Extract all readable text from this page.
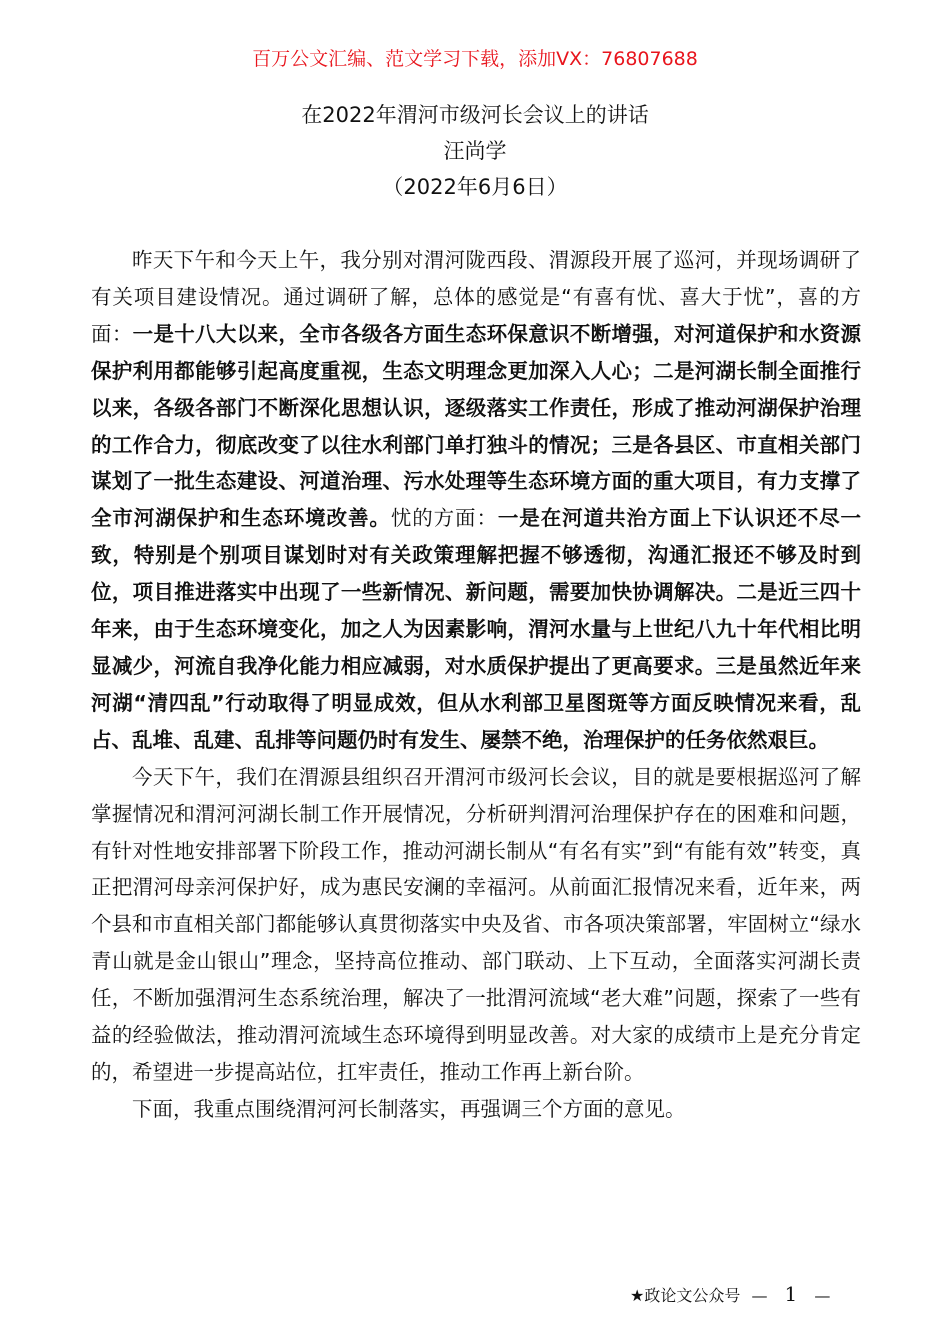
百万公文汇编、范文学习下载，添加VX：76807688
在2022年渭河市级河长会议上的讲话
汪尚学
（2022年6月6日）

昨天下午和今天上午，我分别对渭河陇西段、渭源段开展了巡河，并现场调研了有关项目建设情况。通过调研了解，总体的感觉是“有喜有忧、喜大于忧”，喜的方面：一是十八大以来，全市各级各方面生态环保意识不断增强，对河道保护和水资源保护利用都能够引起高度重视，生态文明理念更加深入人心；二是河湖长制全面推行以来，各级各部门不断深化思想认识，逐级落实工作责任，形成了推动河湖保护治理的工作合力，彻底改变了以往水利部门单打独斗的情况；三是各县区、市直相关部门谋划了一批生态建设、河道治理、污水处理等生态环境方面的重大项目，有力支撑了全市河湖保护和生态环境改善。忧的方面：一是在河道共治方面上下认识还不尽一致，特别是个别项目谋划时对有关政策理解把握不够透彻，沟通汇报还不够及时到位，项目推进落实中出现了一些新情况、新问题，需要加快协调解决。二是近三四十年来，由于生态环境变化，加之人为因素影响，渭河水量与上世纪八九十年代相比明显减少，河流自我净化能力相应减弱，对水质保护提出了更高要求。三是虽然近年来河湖“清四乱”行动取得了明显成效，但从水利部卫星图斑等方面反映情况来看，乱占、乱堆、乱建、乱排等问题仍时有发生、屡禁不绝，治理保护的任务依然艰巨。

今天下午，我们在渭源县组织召开渭河市级河长会议，目的就是要根据巡河了解掌握情况和渭河河湖长制工作开展情况，分析研判渭河治理保护存在的困难和问题，有针对性地安排部署下阶段工作，推动河湖长制从“有名有实”到“有能有效”转变，真正把渭河母亲河保护好，成为惠民安澜的幸福河。从前面汇报情况来看，近年来，两个县和市直相关部门都能够认真贯彻落实中央及省、市各项决策部署，牢固树立“绿水青山就是金山银山”理念，坚持高位推动、部门联动、上下互动，全面落实河湖长责任，不断加强渭河生态系统治理，解决了一批渭河流域“老大难”问题，探索了一些有益的经验做法，推动渭河流域生态环境得到明显改善。对大家的成绩市上是充分肯定的，希望进一步提高站位，扛牢责任，推动工作再上新台阶。

下面，我重点围绕渭河河长制落实，再强调三个方面的意见。

★政论文公众号 — 1 —
